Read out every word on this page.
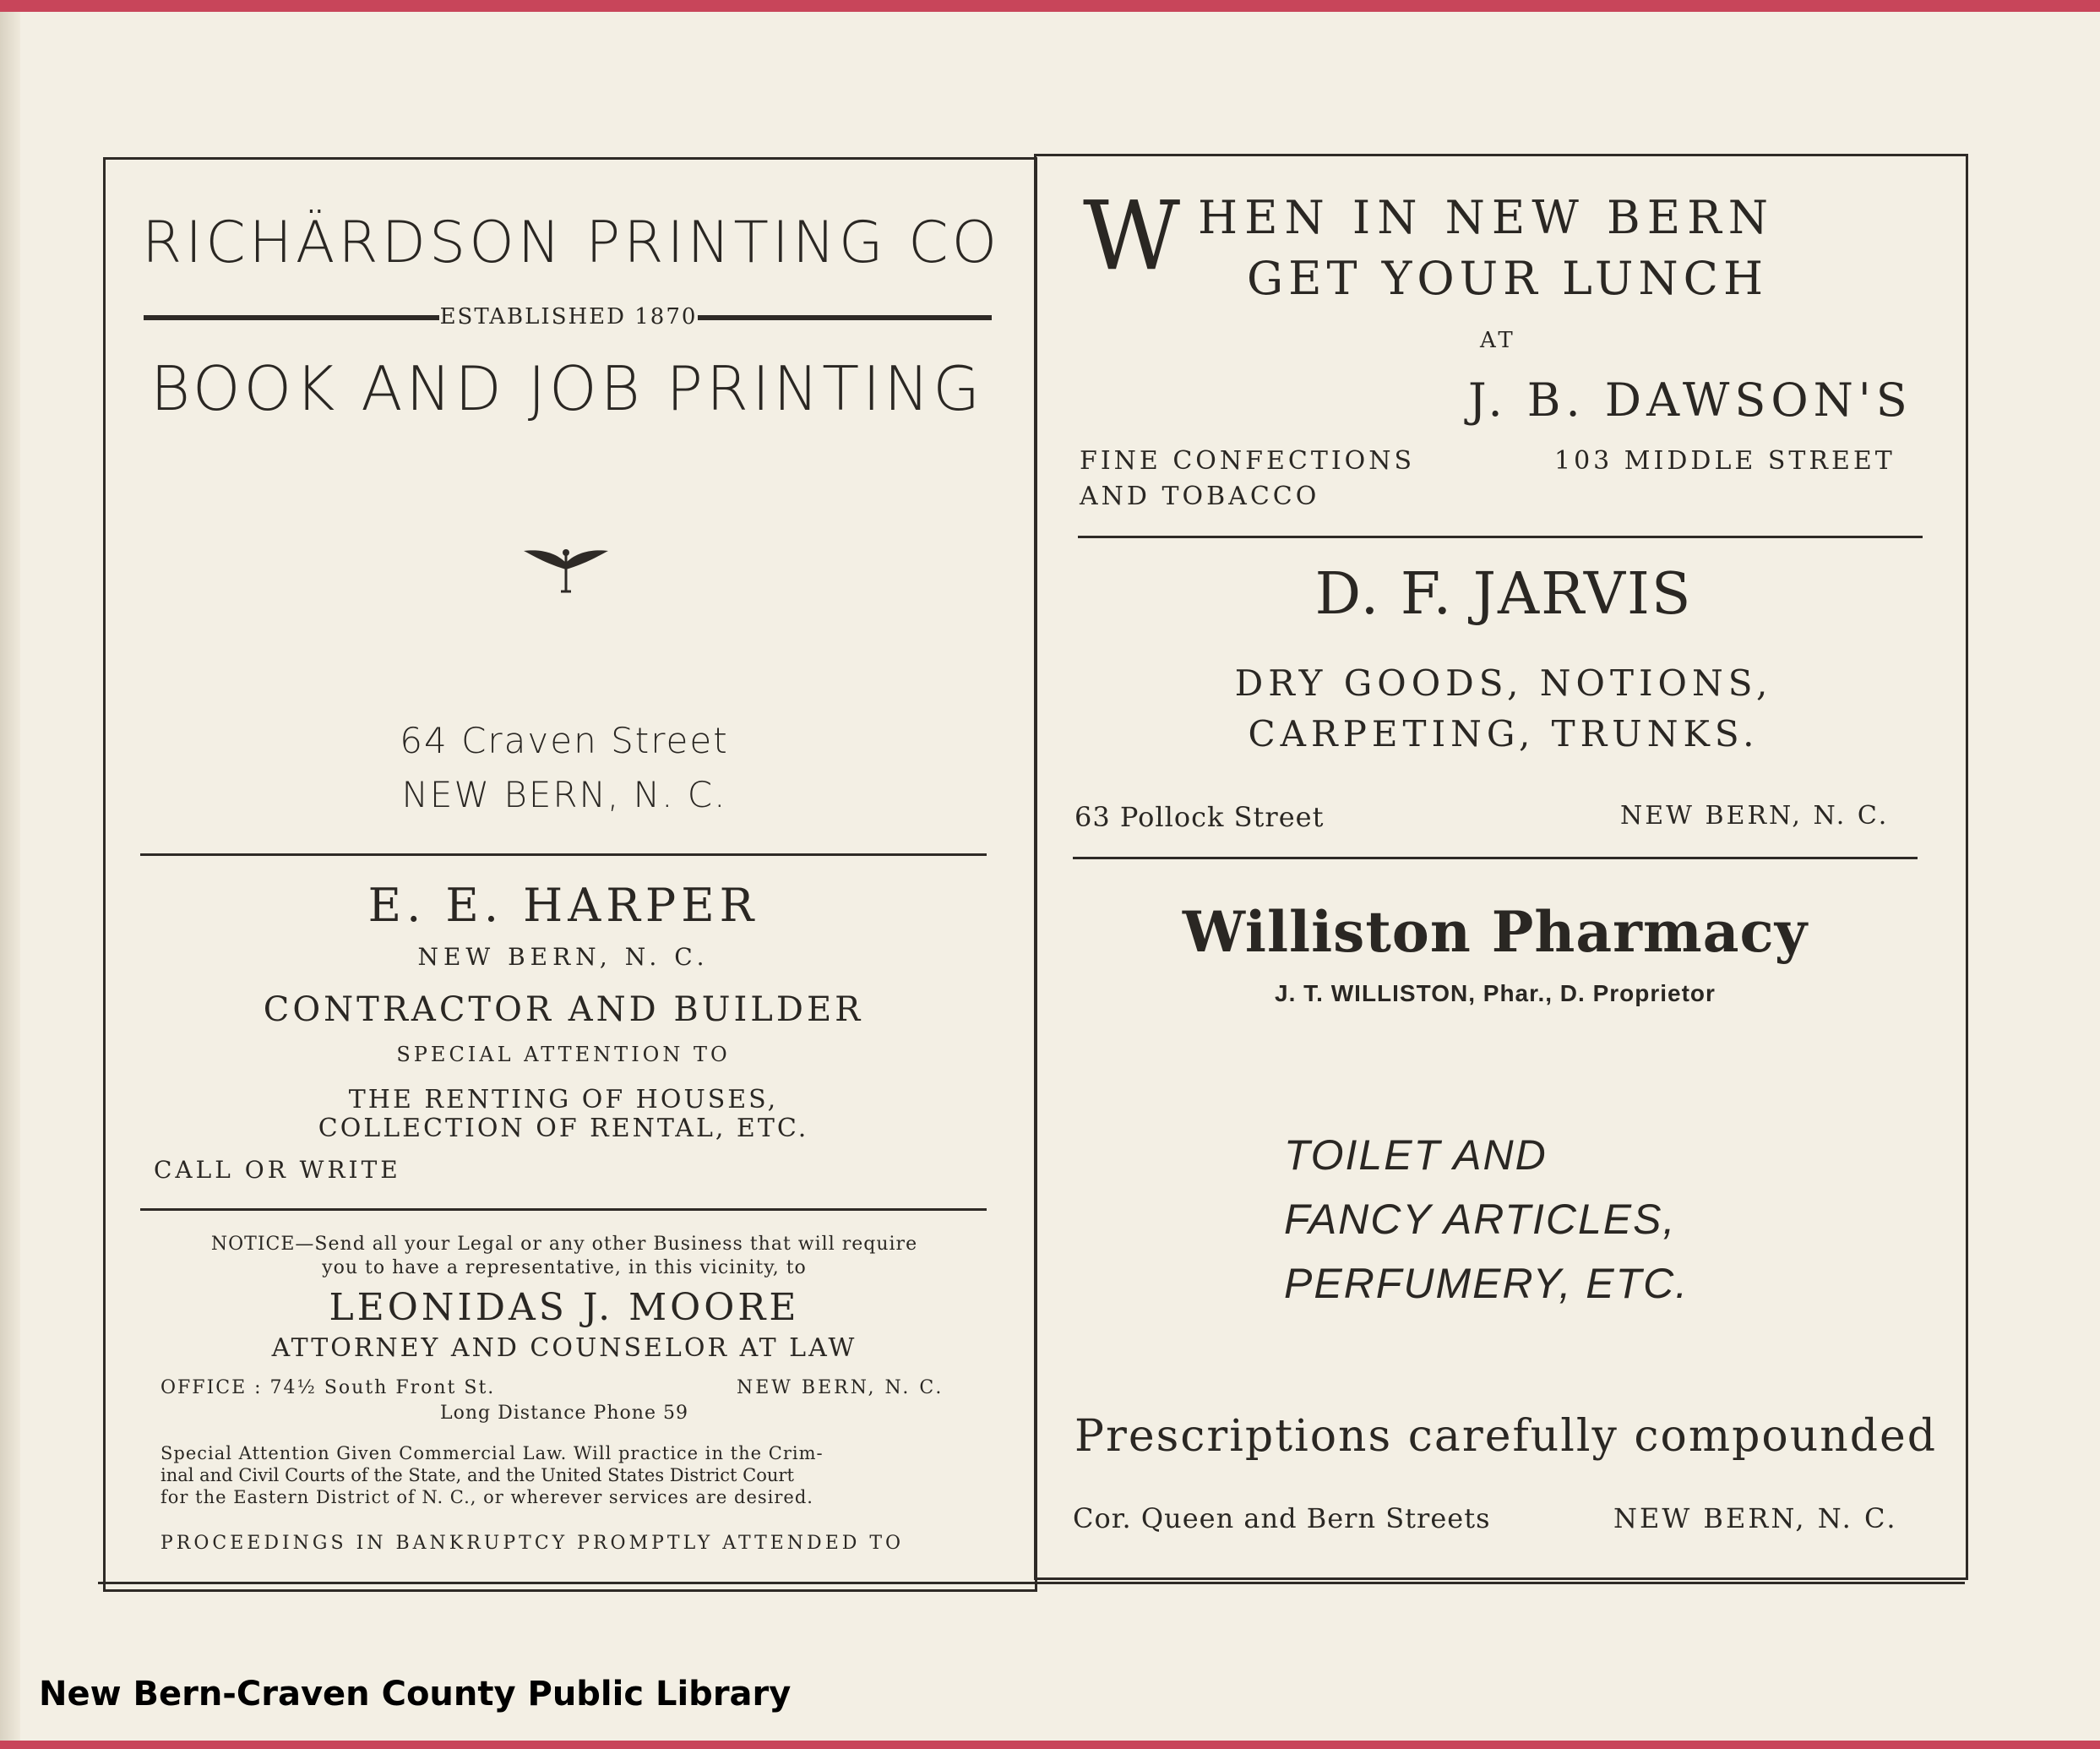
RICHÄRDSON PRINTING CO
ESTABLISHED 1870
BOOK AND JOB PRINTING
64 Craven Street
NEW BERN, N. C.
E. E. HARPER
NEW BERN, N. C.
CONTRACTOR AND BUILDER
SPECIAL ATTENTION TO
THE RENTING OF HOUSES,
COLLECTION OF RENTAL, ETC.
CALL OR WRITE
NOTICE—Send all your Legal or any other Business that will require
you to have a representative, in this vicinity, to
LEONIDAS J. MOORE
ATTORNEY AND COUNSELOR AT LAW
OFFICE : 74½ South Front St.	NEW BERN, N. C.
Long Distance Phone 59
Special Attention Given Commercial Law. Will practice in the Crim-
inal and Civil Courts of the State, and the United States District Court
for the Eastern District of N. C., or wherever services are desired.
PROCEEDINGS IN BANKRUPTCY PROMPTLY ATTENDED TO
W HEN IN NEW BERN
GET YOUR LUNCH
AT
J. B. DAWSON'S
FINE CONFECTIONS
AND TOBACCO
103 MIDDLE STREET
D. F. JARVIS
DRY GOODS, NOTIONS,
CARPETING, TRUNKS.
63 Pollock Street	NEW BERN, N. C.
Williston Pharmacy
J. T. WILLISTON, Phar., D. Proprietor
TOILET AND
FANCY ARTICLES,
PERFUMERY, ETC.
Prescriptions carefully compounded
Cor. Queen and Bern Streets	NEW BERN, N. C.
New Bern-Craven County Public Library
